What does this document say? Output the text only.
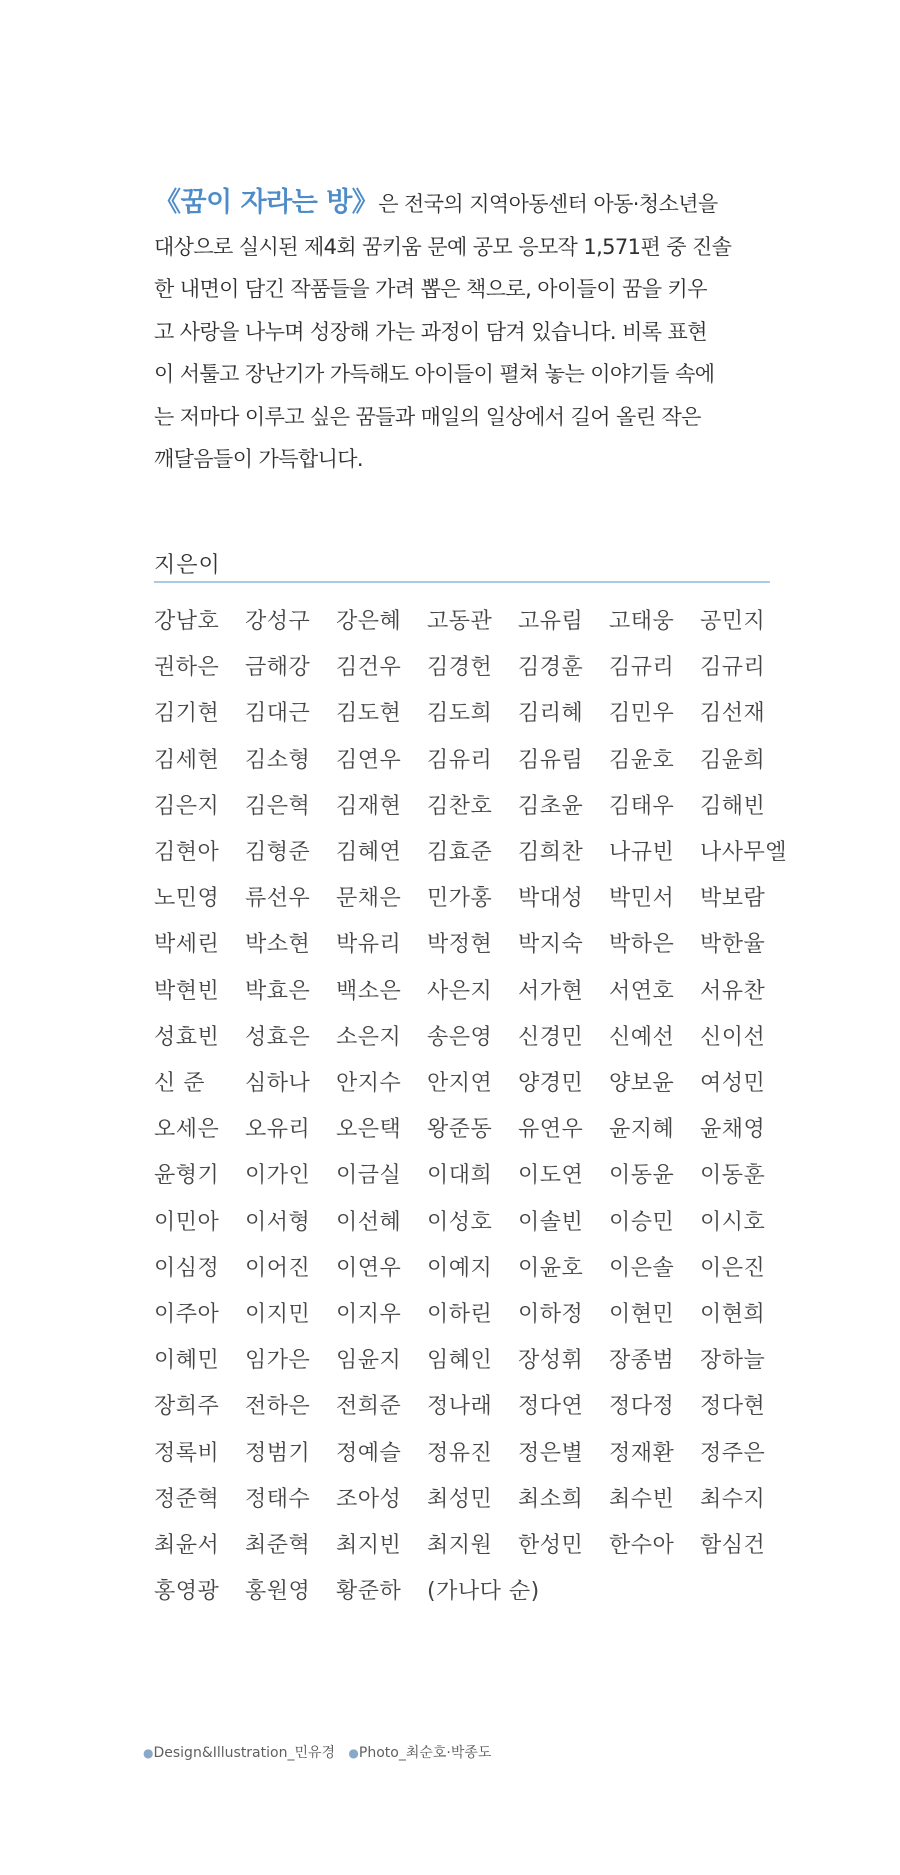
《꿈이 자라는 방》은 전국의 지역아동센터 아동·청소년을
대상으로 실시된 제4회 꿈키움 문예 공모 응모작 1,571편 중 진솔
한 내면이 담긴 작품들을 가려 뽑은 책으로, 아이들이 꿈을 키우
고 사랑을 나누며 성장해 가는 과정이 담겨 있습니다. 비록 표현
이 서툴고 장난기가 가득해도 아이들이 펼쳐 놓는 이야기들 속에
는 저마다 이루고 싶은 꿈들과 매일의 일상에서 길어 올린 작은
깨달음들이 가득합니다.
지은이
강남호 강성구 강은혜 고동관 고유림 고태웅 공민지
권하은 금해강 김건우 김경헌 김경훈 김규리 김규리
김기현 김대근 김도현 김도희 김리혜 김민우 김선재
김세현 김소형 김연우 김유리 김유림 김윤호 김윤희
김은지 김은혁 김재현 김찬호 김초윤 김태우 김해빈
김현아 김형준 김혜연 김효준 김희찬 나규빈 나사무엘
노민영 류선우 문채은 민가홍 박대성 박민서 박보람
박세린 박소현 박유리 박정현 박지숙 박하은 박한율
박현빈 박효은 백소은 사은지 서가현 서연호 서유찬
성효빈 성효은 소은지 송은영 신경민 신예선 신이선
신 준 심하나 안지수 안지연 양경민 양보윤 여성민
오세은 오유리 오은택 왕준동 유연우 윤지혜 윤채영
윤형기 이가인 이금실 이대희 이도연 이동윤 이동훈
이민아 이서형 이선혜 이성호 이솔빈 이승민 이시호
이심정 이어진 이연우 이예지 이윤호 이은솔 이은진
이주아 이지민 이지우 이하린 이하정 이현민 이현희
이혜민 임가은 임윤지 임혜인 장성휘 장종범 장하늘
장희주 전하은 전희준 정나래 정다연 정다정 정다현
정록비 정범기 정예슬 정유진 정은별 정재환 정주은
정준혁 정태수 조아성 최성민 최소희 최수빈 최수지
최윤서 최준혁 최지빈 최지원 한성민 한수아 함심건
홍영광 홍원영 황준하 (가나다 순)
●Design&Illustration_민유경 ●Photo_최순호·박종도
